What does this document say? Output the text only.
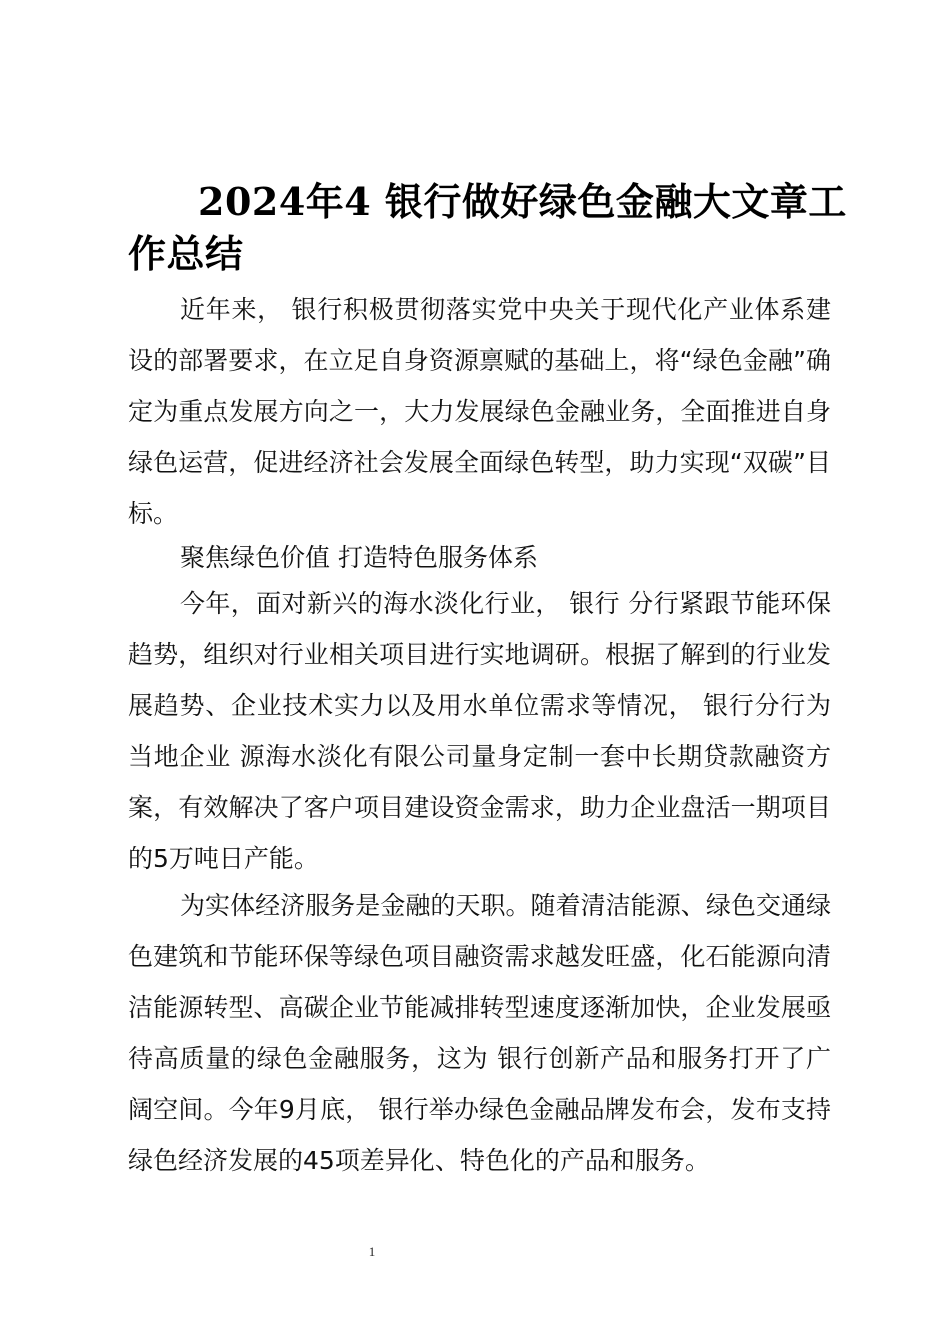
2024年4 银行做好绿色金融大文章工作总结

近年来， 银行积极贯彻落实党中央关于现代化产业体系建设的部署要求，在立足自身资源禀赋的基础上，将“绿色金融”确定为重点发展方向之一，大力发展绿色金融业务，全面推进自身绿色运营，促进经济社会发展全面绿色转型，助力实现“双碳”目标。

聚焦绿色价值 打造特色服务体系

今年，面对新兴的海水淡化行业， 银行 分行紧跟节能环保趋势，组织对行业相关项目进行实地调研。根据了解到的行业发展趋势、企业技术实力以及用水单位需求等情况， 银行分行为当地企业 源海水淡化有限公司量身定制一套中长期贷款融资方案，有效解决了客户项目建设资金需求，助力企业盘活一期项目的5万吨日产能。

为实体经济服务是金融的天职。随着清洁能源、绿色交通绿色建筑和节能环保等绿色项目融资需求越发旺盛，化石能源向清洁能源转型、高碳企业节能减排转型速度逐渐加快，企业发展亟待高质量的绿色金融服务，这为 银行创新产品和服务打开了广阔空间。今年9月底， 银行举办绿色金融品牌发布会，发布支持绿色经济发展的45项差异化、特色化的产品和服务。

1
